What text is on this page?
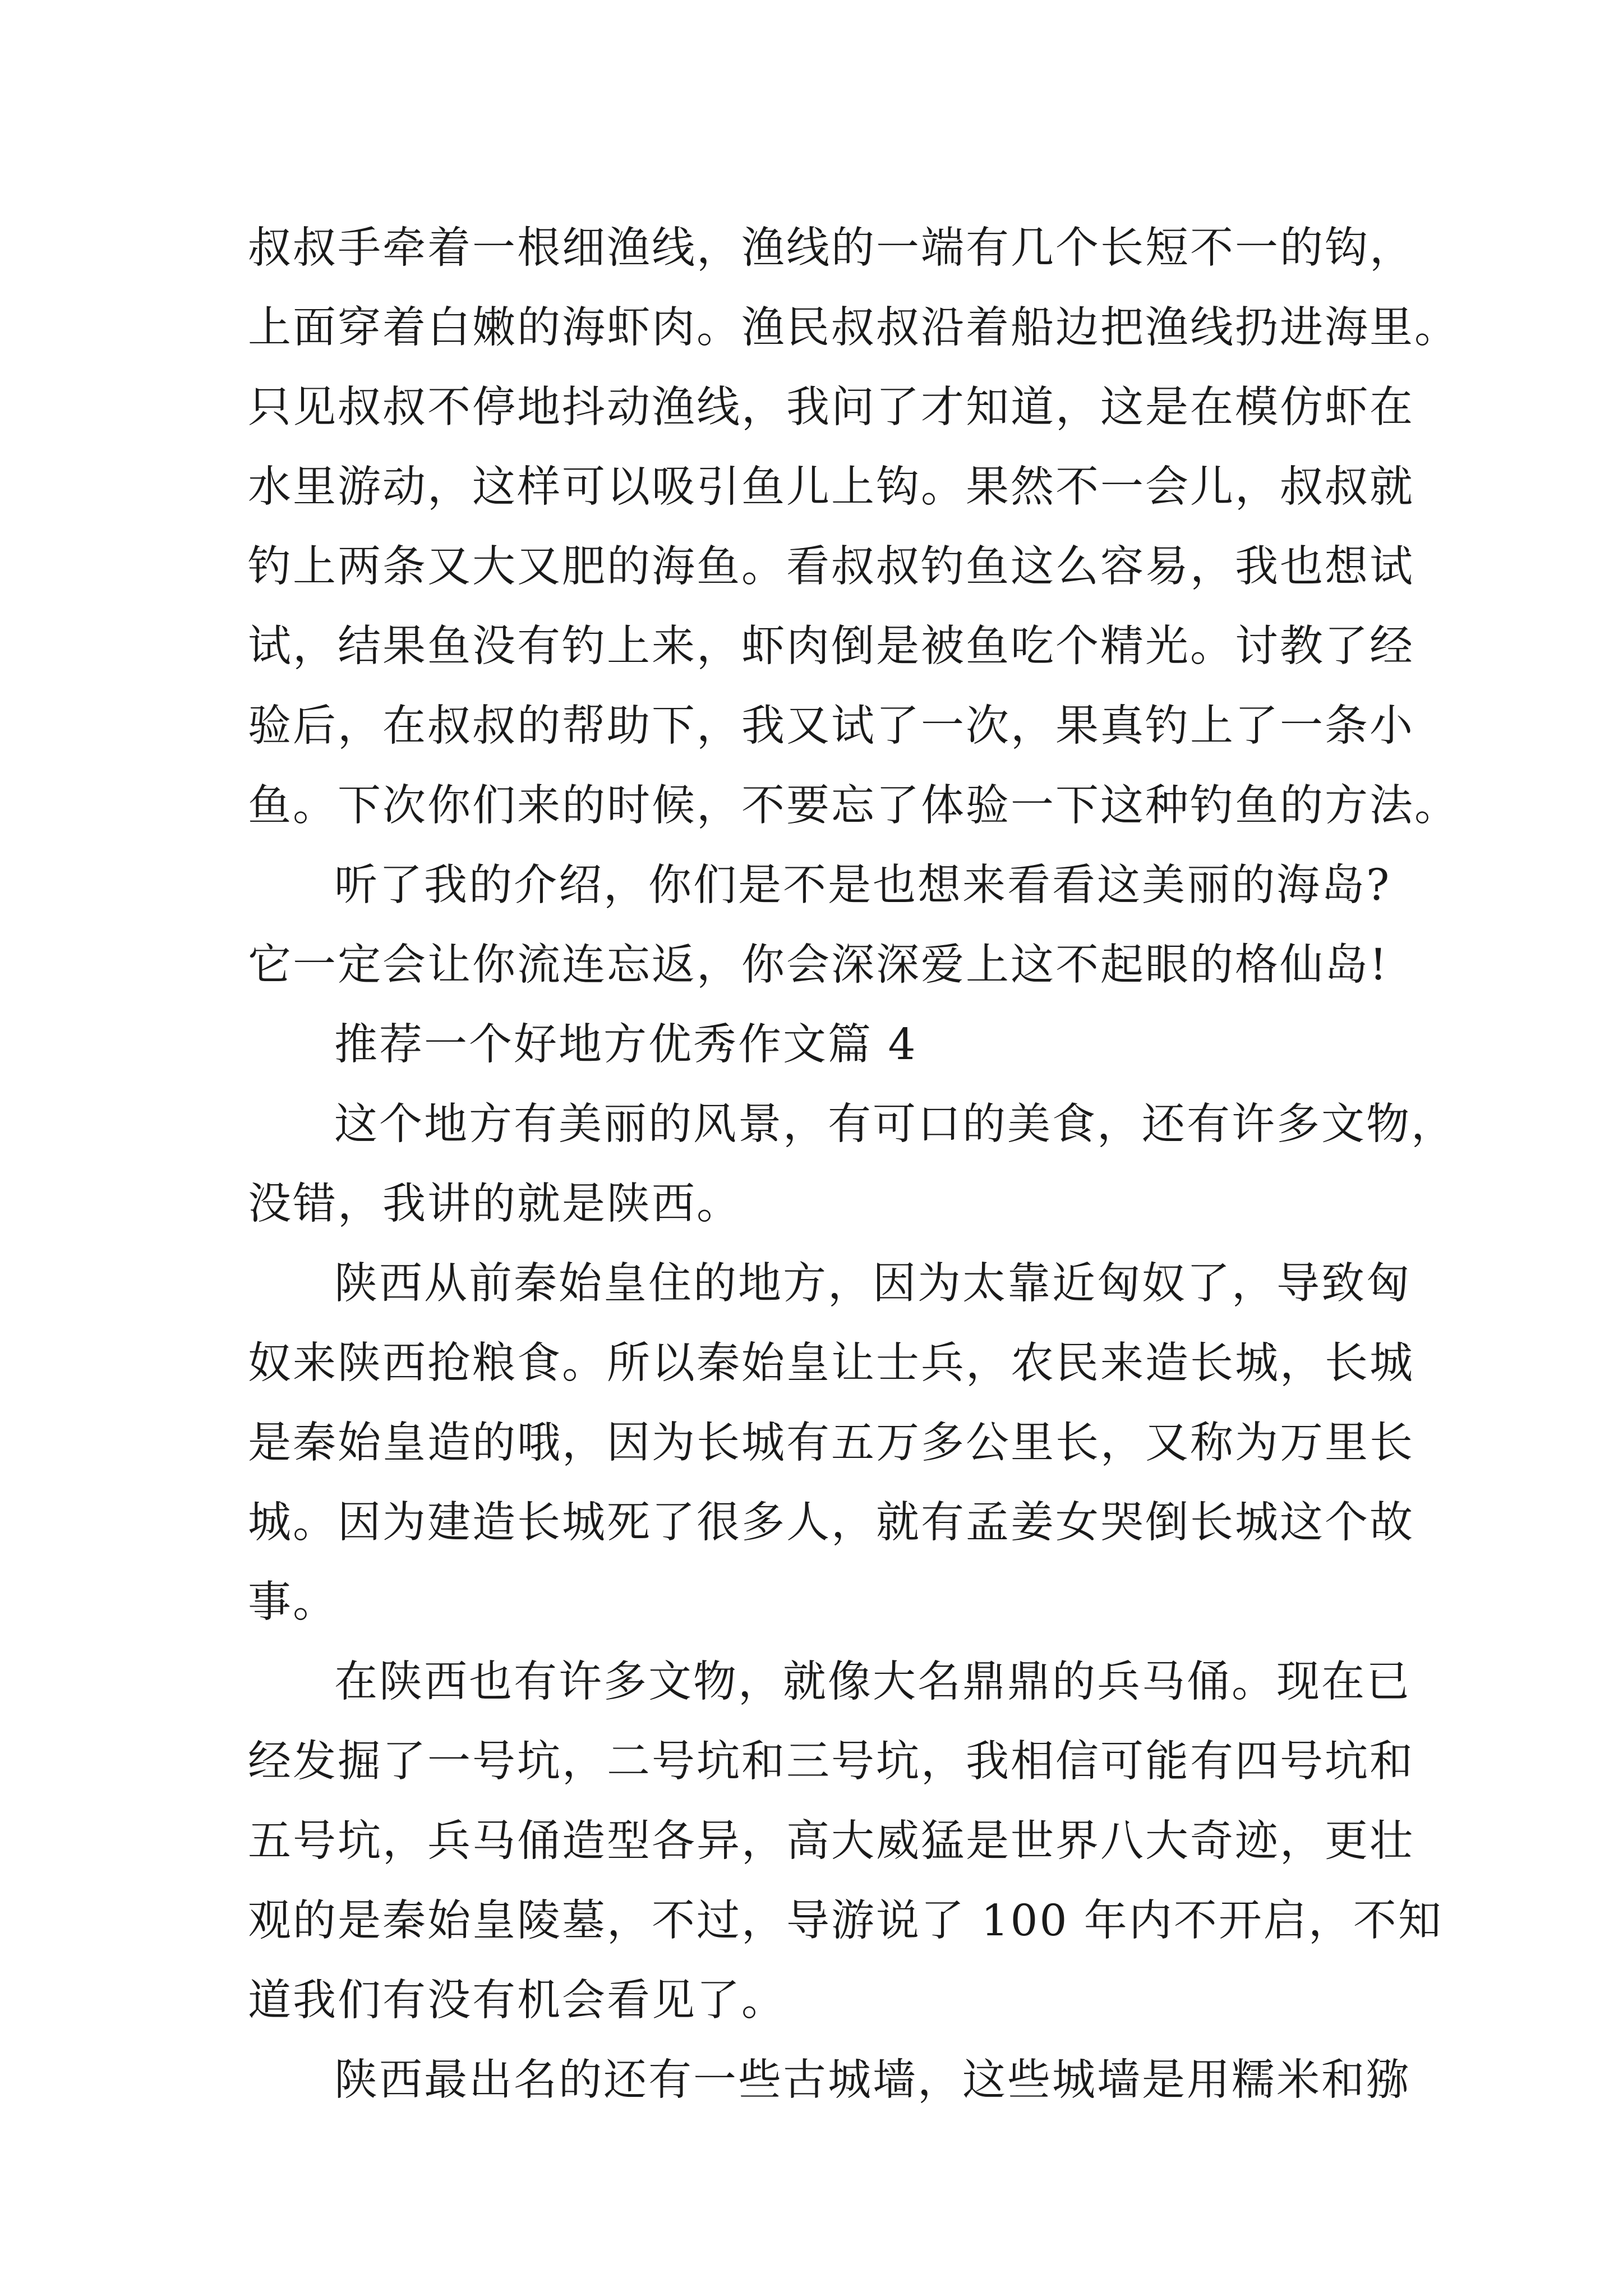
叔叔手牵着一根细渔线，渔线的一端有几个长短不一的钩，
上面穿着白嫩的海虾肉。渔民叔叔沿着船边把渔线扔进海里。
只见叔叔不停地抖动渔线，我问了才知道，这是在模仿虾在
水里游动，这样可以吸引鱼儿上钩。果然不一会儿，叔叔就
钓上两条又大又肥的海鱼。看叔叔钓鱼这么容易，我也想试
试，结果鱼没有钓上来，虾肉倒是被鱼吃个精光。讨教了经
验后，在叔叔的帮助下，我又试了一次，果真钓上了一条小
鱼。下次你们来的时候，不要忘了体验一下这种钓鱼的方法。
听了我的介绍，你们是不是也想来看看这美丽的海岛?
它一定会让你流连忘返，你会深深爱上这不起眼的格仙岛!
推荐一个好地方优秀作文篇 4
这个地方有美丽的风景，有可口的美食，还有许多文物，
没错，我讲的就是陕西。
陕西从前秦始皇住的地方，因为太靠近匈奴了，导致匈
奴来陕西抢粮食。所以秦始皇让士兵，农民来造长城，长城
是秦始皇造的哦，因为长城有五万多公里长，又称为万里长
城。因为建造长城死了很多人，就有孟姜女哭倒长城这个故
事。
在陕西也有许多文物，就像大名鼎鼎的兵马俑。现在已
经发掘了一号坑，二号坑和三号坑，我相信可能有四号坑和
五号坑，兵马俑造型各异，高大威猛是世界八大奇迹，更壮
观的是秦始皇陵墓，不过，导游说了 100 年内不开启，不知
道我们有没有机会看见了。
陕西最出名的还有一些古城墙，这些城墙是用糯米和猕
